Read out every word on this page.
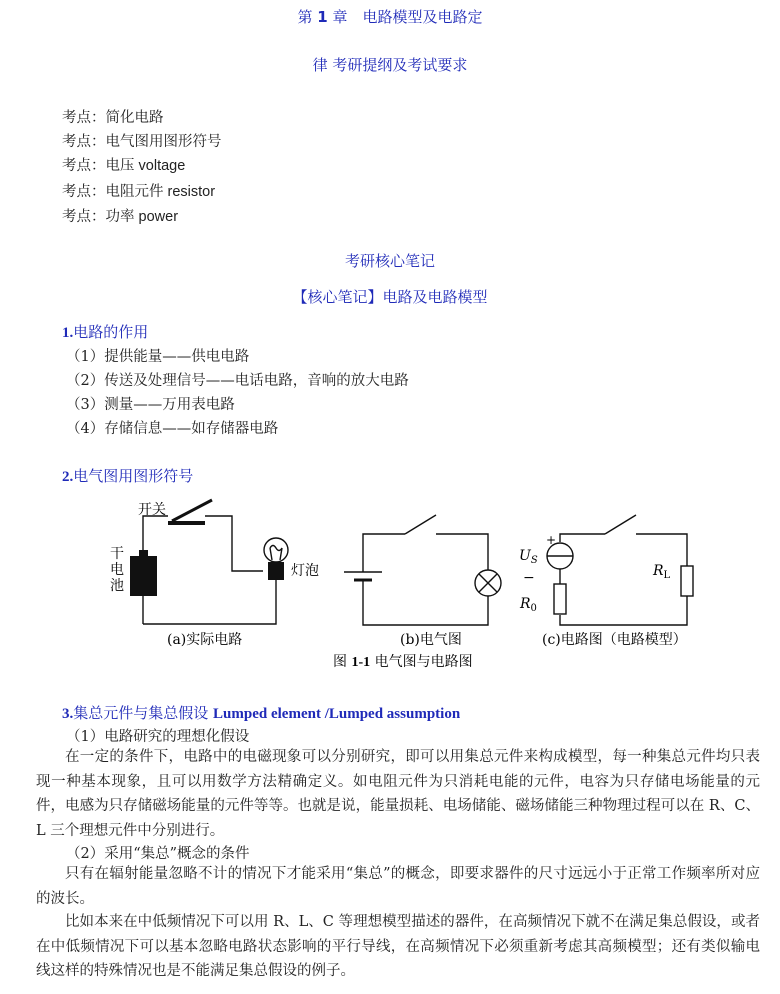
第 1 章　电路模型及电路定
律 考研提纲及考试要求
考点：简化电路
考点：电气图用图形符号
考点：电压 voltage
考点：电阻元件 resistor
考点：功率 power
考研核心笔记
【核心笔记】电路及电路模型
1.电路的作用
（1）提供能量——供电电路
（2）传送及处理信号——电话电路，音响的放大电路
（3）测量——万用表电路
（4）存储信息——如存储器电路
2.电气图用图形符号
开关
干
电
池
灯泡
+
$U_S$
−
$R_0$
$R_L$
(a)实际电路	(b)电气图	(c)电路图（电路模型）
图 1-1 电气图与电路图
3.集总元件与集总假设 Lumped element /Lumped assumption
（1）电路研究的理想化假设
在一定的条件下，电路中的电磁现象可以分别研究，即可以用集总元件来构成模型，每一种集总元件均只表现一种基本现象，且可以用数学方法精确定义。如电阻元件为只消耗电能的元件，电容为只存储电场能量的元件，电感为只存储磁场能量的元件等等。也就是说，能量损耗、电场储能、磁场储能三种物理过程可以在 R、C、L 三个理想元件中分别进行。
（2）采用“集总”概念的条件
只有在辐射能量忽略不计的情况下才能采用“集总”的概念，即要求器件的尺寸远远小于正常工作频率所对应的波长。
比如本来在中低频情况下可以用 R、L、C 等理想模型描述的器件，在高频情况下就不在满足集总假设，或者在中低频情况下可以基本忽略电路状态影响的平行导线，在高频情况下必须重新考虑其高频模型；还有类似输电线这样的特殊情况也是不能满足集总假设的例子。
